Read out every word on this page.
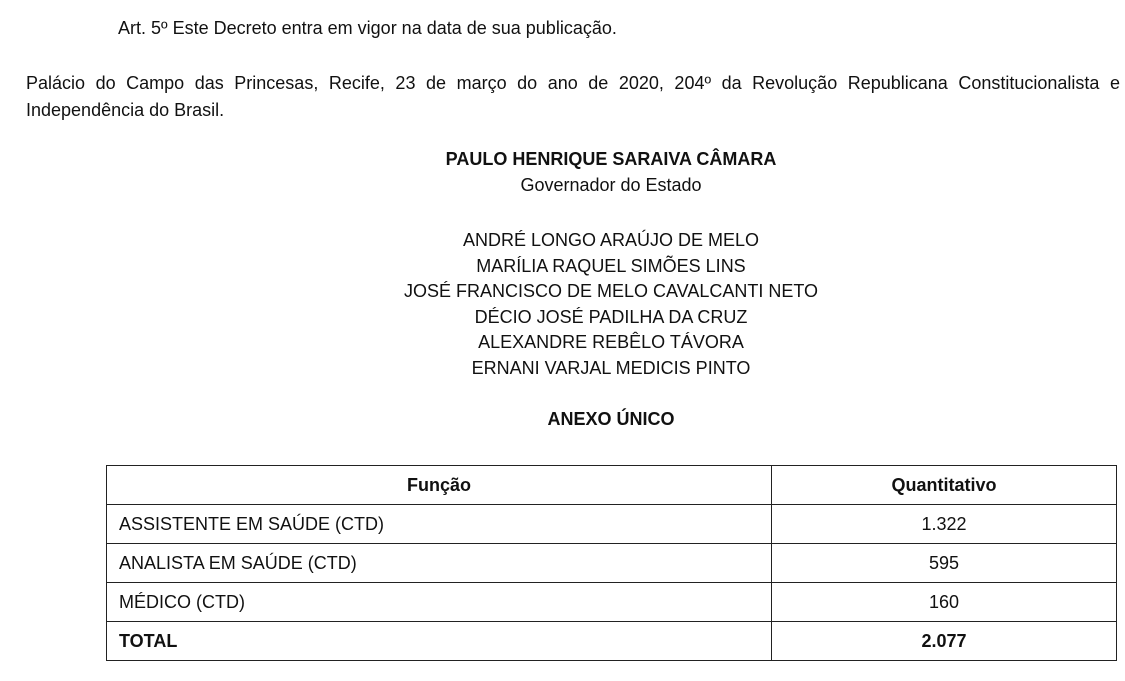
Art. 5º Este Decreto entra em vigor na data de sua publicação.
Palácio do Campo das Princesas, Recife, 23 de março do ano de 2020, 204º da Revolução Republicana Constitucionalista e Independência do Brasil.
PAULO HENRIQUE SARAIVA CÂMARA
Governador do Estado
ANDRÉ LONGO ARAÚJO DE MELO
MARÍLIA RAQUEL SIMÕES LINS
JOSÉ FRANCISCO DE MELO CAVALCANTI NETO
DÉCIO JOSÉ PADILHA DA CRUZ
ALEXANDRE REBÊLO TÁVORA
ERNANI VARJAL MEDICIS PINTO
ANEXO ÚNICO
Função	Quantitativo
ASSISTENTE EM SAÚDE (CTD)	1.322
ANALISTA EM SAÚDE (CTD)	595
MÉDICO (CTD)	160
TOTAL	2.077
